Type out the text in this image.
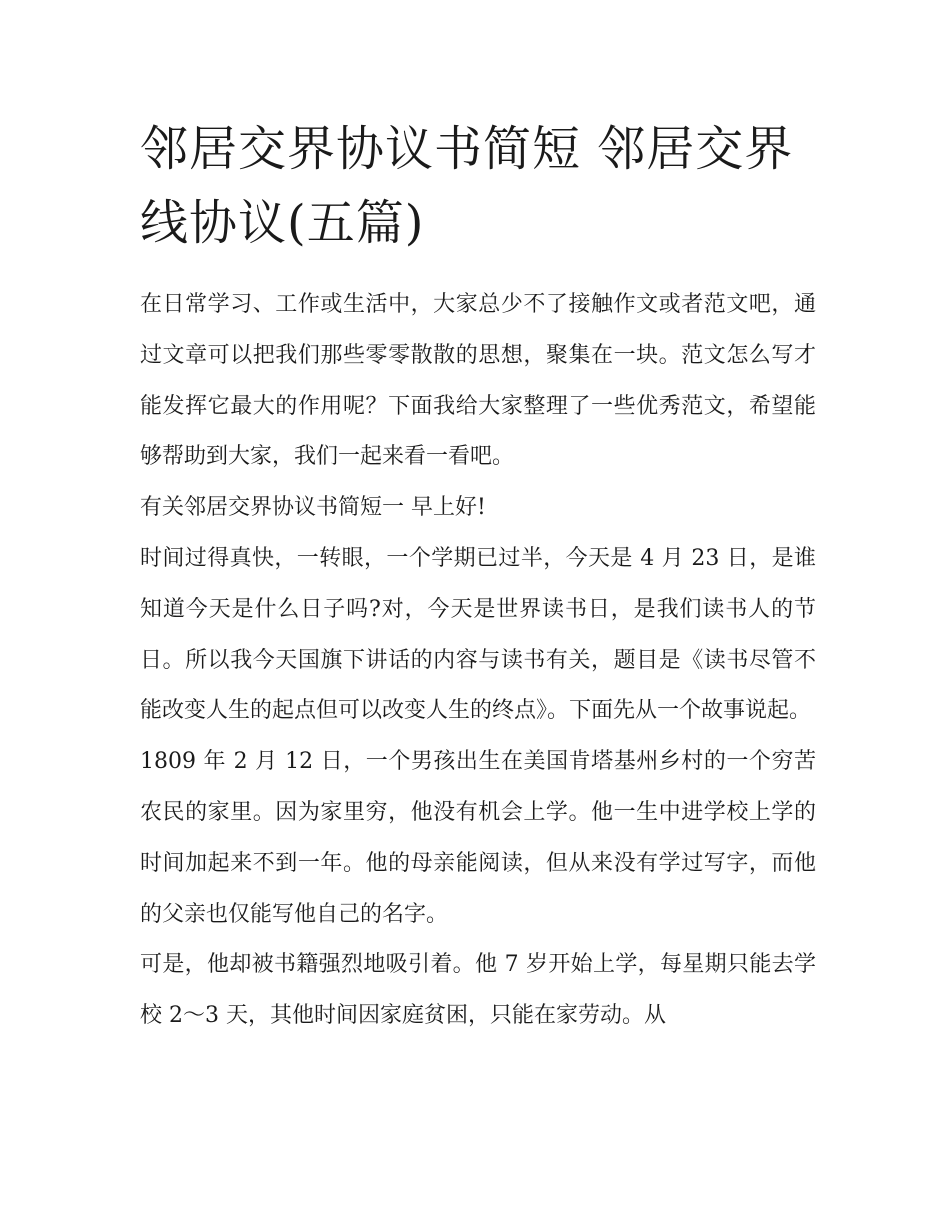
邻居交界协议书简短 邻居交界线协议(五篇)

在日常学习、工作或生活中，大家总少不了接触作文或者范文吧，通过文章可以把我们那些零零散散的思想，聚集在一块。范文怎么写才能发挥它最大的作用呢？下面我给大家整理了一些优秀范文，希望能够帮助到大家，我们一起来看一看吧。

有关邻居交界协议书简短一 早上好!

时间过得真快，一转眼，一个学期已过半，今天是 4 月 23 日，是谁知道今天是什么日子吗?对，今天是世界读书日，是我们读书人的节日。所以我今天国旗下讲话的内容与读书有关，题目是《读书尽管不能改变人生的起点但可以改变人生的终点》。下面先从一个故事说起。

1809 年 2 月 12 日，一个男孩出生在美国肯塔基州乡村的一个穷苦农民的家里。因为家里穷，他没有机会上学。他一生中进学校上学的时间加起来不到一年。他的母亲能阅读，但从来没有学过写字，而他的父亲也仅能写他自己的名字。

可是，他却被书籍强烈地吸引着。他 7 岁开始上学，每星期只能去学校 2～3 天，其他时间因家庭贫困，只能在家劳动。从
